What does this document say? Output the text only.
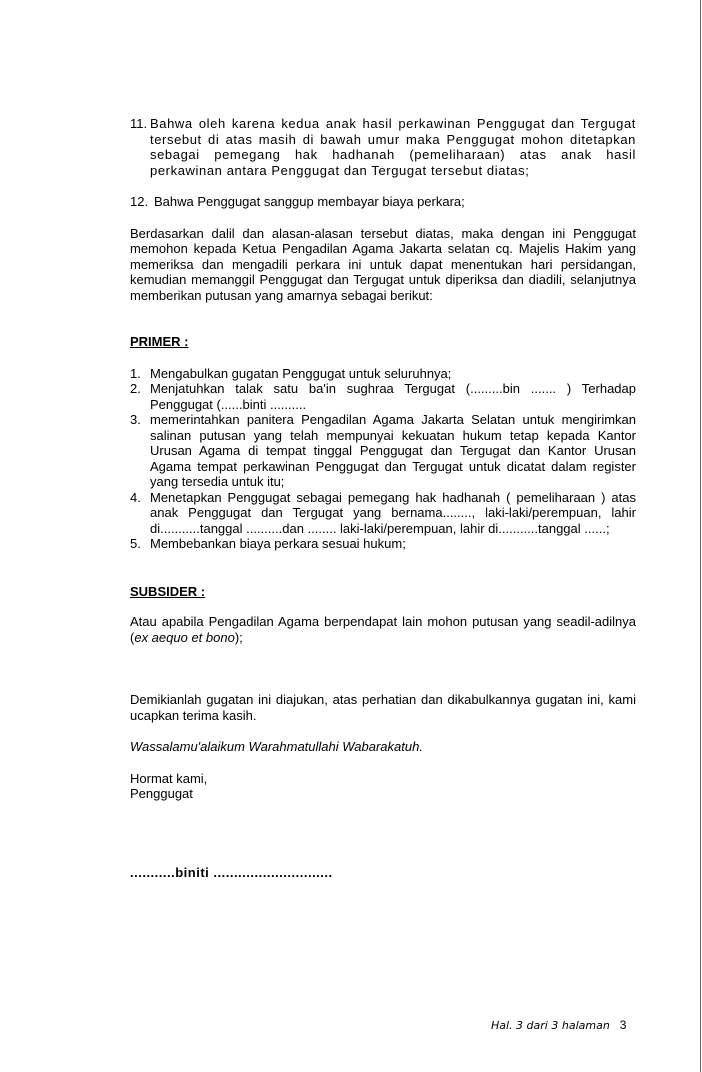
11. Bahwa oleh karena kedua anak hasil perkawinan Penggugat dan Tergugat tersebut di atas masih di bawah umur maka Penggugat mohon ditetapkan sebagai pemegang hak hadhanah (pemeliharaan) atas anak hasil perkawinan antara Penggugat dan Tergugat tersebut diatas;
12. Bahwa Penggugat sanggup membayar biaya perkara;

Berdasarkan dalil dan alasan-alasan tersebut diatas, maka dengan ini Penggugat memohon kepada Ketua Pengadilan Agama Jakarta selatan cq. Majelis Hakim yang memeriksa dan mengadili perkara ini untuk dapat menentukan hari persidangan, kemudian memanggil Penggugat dan Tergugat untuk diperiksa dan diadili, selanjutnya memberikan putusan yang amarnya sebagai berikut:

PRIMER :

1. Mengabulkan gugatan Penggugat untuk seluruhnya;
2. Menjatuhkan talak satu ba'in sughraa Tergugat (.........bin ....... ) Terhadap Penggugat (......binti ..........
3. memerintahkan panitera Pengadilan Agama Jakarta Selatan untuk mengirimkan salinan putusan yang telah mempunyai kekuatan hukum tetap kepada Kantor Urusan Agama di tempat tinggal Penggugat dan Tergugat dan Kantor Urusan Agama tempat perkawinan Penggugat dan Tergugat untuk dicatat dalam register yang tersedia untuk itu;
4. Menetapkan Penggugat sebagai pemegang hak hadhanah ( pemeliharaan ) atas anak Penggugat dan Tergugat yang bernama........, laki-laki/perempuan, lahir di...........tanggal ..........dan ........ laki-laki/perempuan, lahir di...........tanggal ......;
5. Membebankan biaya perkara sesuai hukum;

SUBSIDER :

Atau apabila Pengadilan Agama berpendapat lain mohon putusan yang seadil-adilnya (ex aequo et bono);

Demikianlah gugatan ini diajukan, atas perhatian dan dikabulkannya gugatan ini, kami ucapkan terima kasih.

Wassalamu'alaikum Warahmatullahi Wabarakatuh.

Hormat kami,

Penggugat

...........biniti .............................

Hal. 3 dari 3 halaman 3
